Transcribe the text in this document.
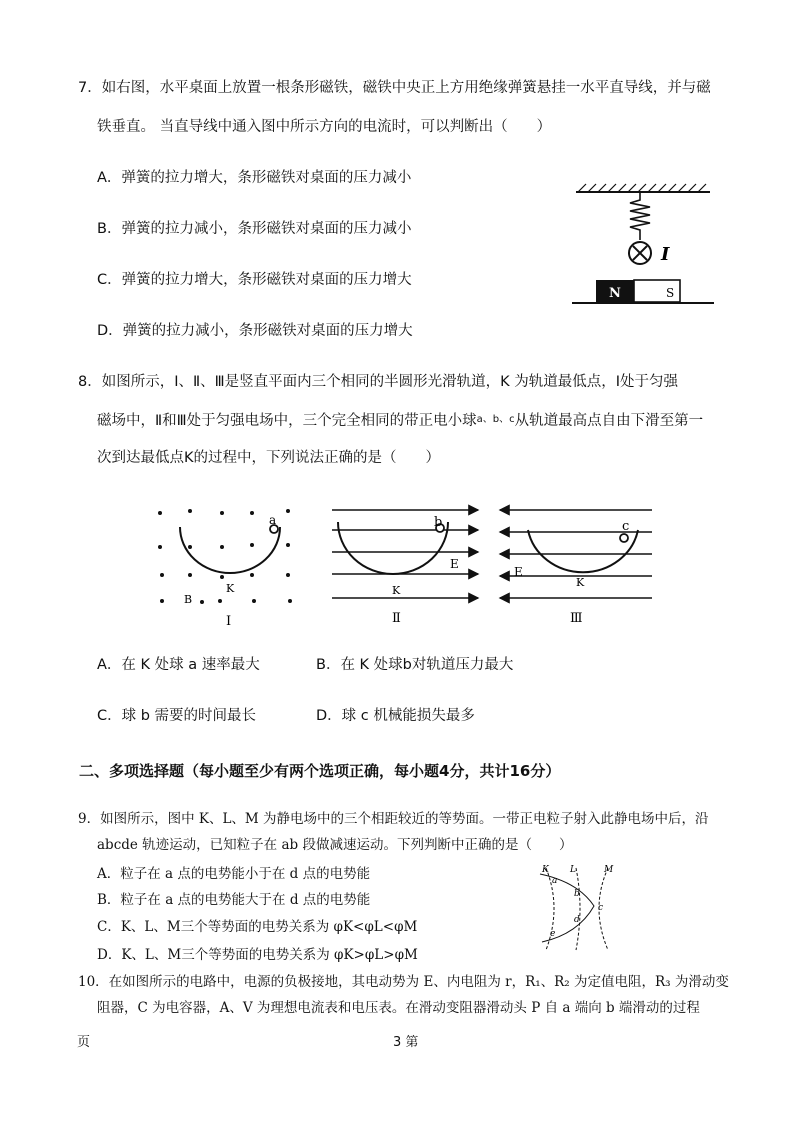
7．如右图，水平桌面上放置一根条形磁铁，磁铁中央正上方用绝缘弹簧悬挂一水平直导线，并与磁
铁垂直。 当直导线中通入图中所示方向的电流时，可以判断出（　　）
A．弹簧的拉力增大，条形磁铁对桌面的压力减小
B．弹簧的拉力减小，条形磁铁对桌面的压力减小
C．弹簧的拉力增大，条形磁铁对桌面的压力增大
D．弹簧的拉力减小，条形磁铁对桌面的压力增大
I
N	S
8．如图所示，Ⅰ、Ⅱ、Ⅲ是竖直平面内三个相同的半圆形光滑轨道，K 为轨道最低点，Ⅰ处于匀强
磁场中，Ⅱ和Ⅲ处于匀强电场中，三个完全相同的带正电小球$^{a、b、c}$从轨道最高点自由下滑至第一
次到达最低点K的过程中，下列说法正确的是（　　）
a
K
B
Ⅰ
b
K
E
Ⅱ
c
K
E
Ⅲ
A．在 K 处球 a 速率最大	B．在 K 处球b对轨道压力最大
C．球 b 需要的时间最长	D．球 c 机械能损失最多
二、多项选择题（每小题至少有两个选项正确，每小题4分，共计16分）
9．如图所示，图中 K、L、M 为静电场中的三个相距较近的等势面。一带正电粒子射入此静电场中后，沿
abcde 轨迹运动，已知粒子在 ab 段做减速运动。下列判断中正确的是（　　）
A．粒子在 a 点的电势能小于在 d 点的电势能
B．粒子在 a 点的电势能大于在 d 点的电势能
C．K、L、M三个等势面的电势关系为 φK<φL<φM
D．K、L、M三个等势面的电势关系为 φK>φL>φM
K L	M
a
b
c
d
e
10．在如图所示的电路中，电源的负极接地，其电动势为 E、内电阻为 r，R₁、R₂ 为定值电阻，R₃ 为滑动变
阻器，C 为电容器，A、V 为理想电流表和电压表。在滑动变阻器滑动头 P 自 a 端向 b 端滑动的过程
页	3 第
